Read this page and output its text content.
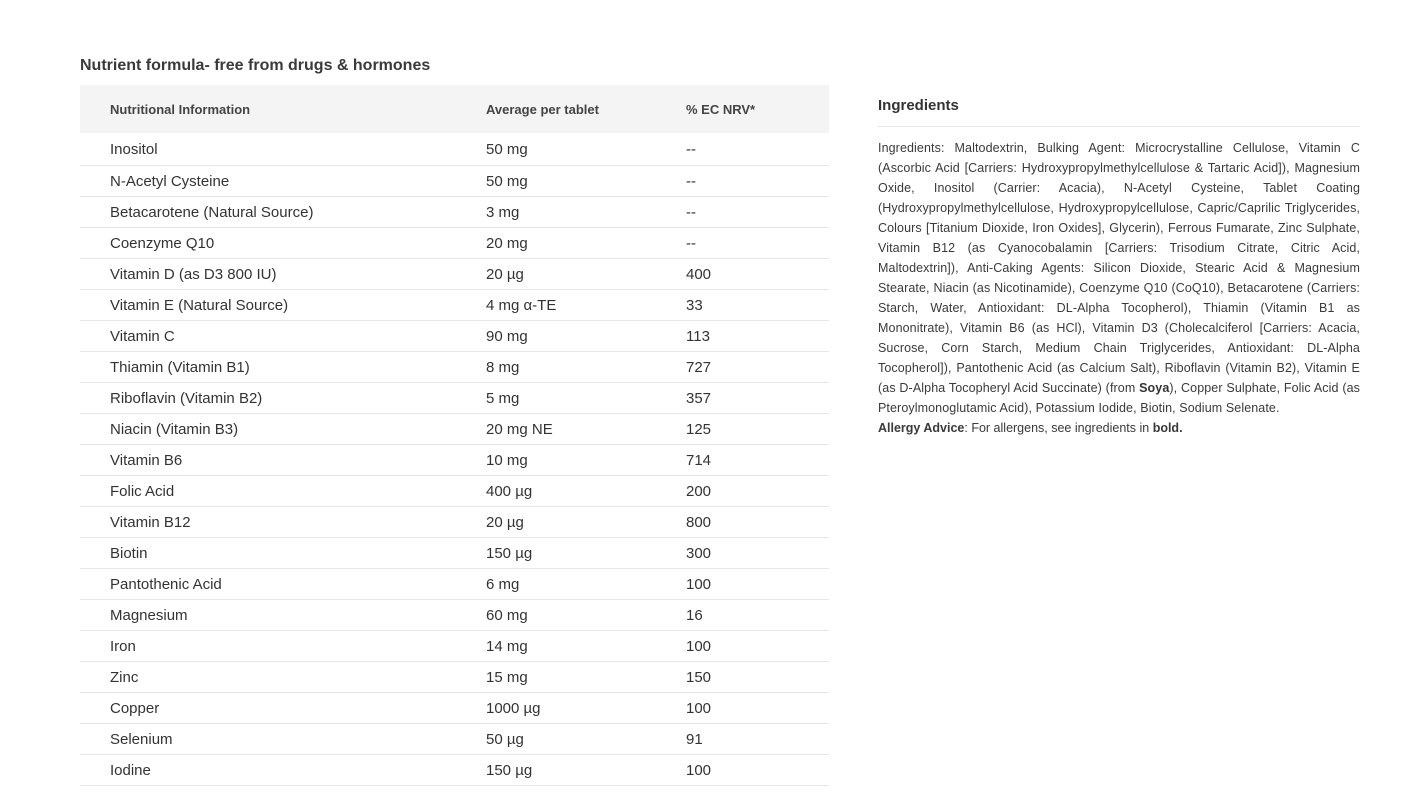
Nutrient formula- free from drugs & hormones
Nutritional Information	Average per tablet	% EC NRV*
Inositol	50 mg	--
N-Acetyl Cysteine	50 mg	--
Betacarotene (Natural Source)	3 mg	--
Coenzyme Q10	20 mg	--
Vitamin D (as D3 800 IU)	20 µg	400
Vitamin E (Natural Source)	4 mg α-TE	33
Vitamin C	90 mg	113
Thiamin (Vitamin B1)	8 mg	727
Riboflavin (Vitamin B2)	5 mg	357
Niacin (Vitamin B3)	20 mg NE	125
Vitamin B6	10 mg	714
Folic Acid	400 µg	200
Vitamin B12	20 µg	800
Biotin	150 µg	300
Pantothenic Acid	6 mg	100
Magnesium	60 mg	16
Iron	14 mg	100
Zinc	15 mg	150
Copper	1000 µg	100
Selenium	50 µg	91
Iodine	150 µg	100
Ingredients
Ingredients: Maltodextrin, Bulking Agent: Microcrystalline Cellulose, Vitamin C (Ascorbic Acid [Carriers: Hydroxypropylmethylcellulose & Tartaric Acid]), Magnesium Oxide, Inositol (Carrier: Acacia), N-Acetyl Cysteine, Tablet Coating (Hydroxypropylmethylcellulose, Hydroxypropylcellulose, Capric/Caprilic Triglycerides, Colours [Titanium Dioxide, Iron Oxides], Glycerin), Ferrous Fumarate, Zinc Sulphate, Vitamin B12 (as Cyanocobalamin [Carriers: Trisodium Citrate, Citric Acid, Maltodextrin]), Anti-Caking Agents: Silicon Dioxide, Stearic Acid & Magnesium Stearate, Niacin (as Nicotinamide), Coenzyme Q10 (CoQ10), Betacarotene (Carriers: Starch, Water, Antioxidant: DL-Alpha Tocopherol), Thiamin (Vitamin B1 as Mononitrate), Vitamin B6 (as HCl), Vitamin D3 (Cholecalciferol [Carriers: Acacia, Sucrose, Corn Starch, Medium Chain Triglycerides, Antioxidant: DL-Alpha Tocopherol]), Pantothenic Acid (as Calcium Salt), Riboflavin (Vitamin B2), Vitamin E (as D-Alpha Tocopheryl Acid Succinate) (from Soya), Copper Sulphate, Folic Acid (as Pteroylmonoglutamic Acid), Potassium Iodide, Biotin, Sodium Selenate.
Allergy Advice: For allergens, see ingredients in bold.
